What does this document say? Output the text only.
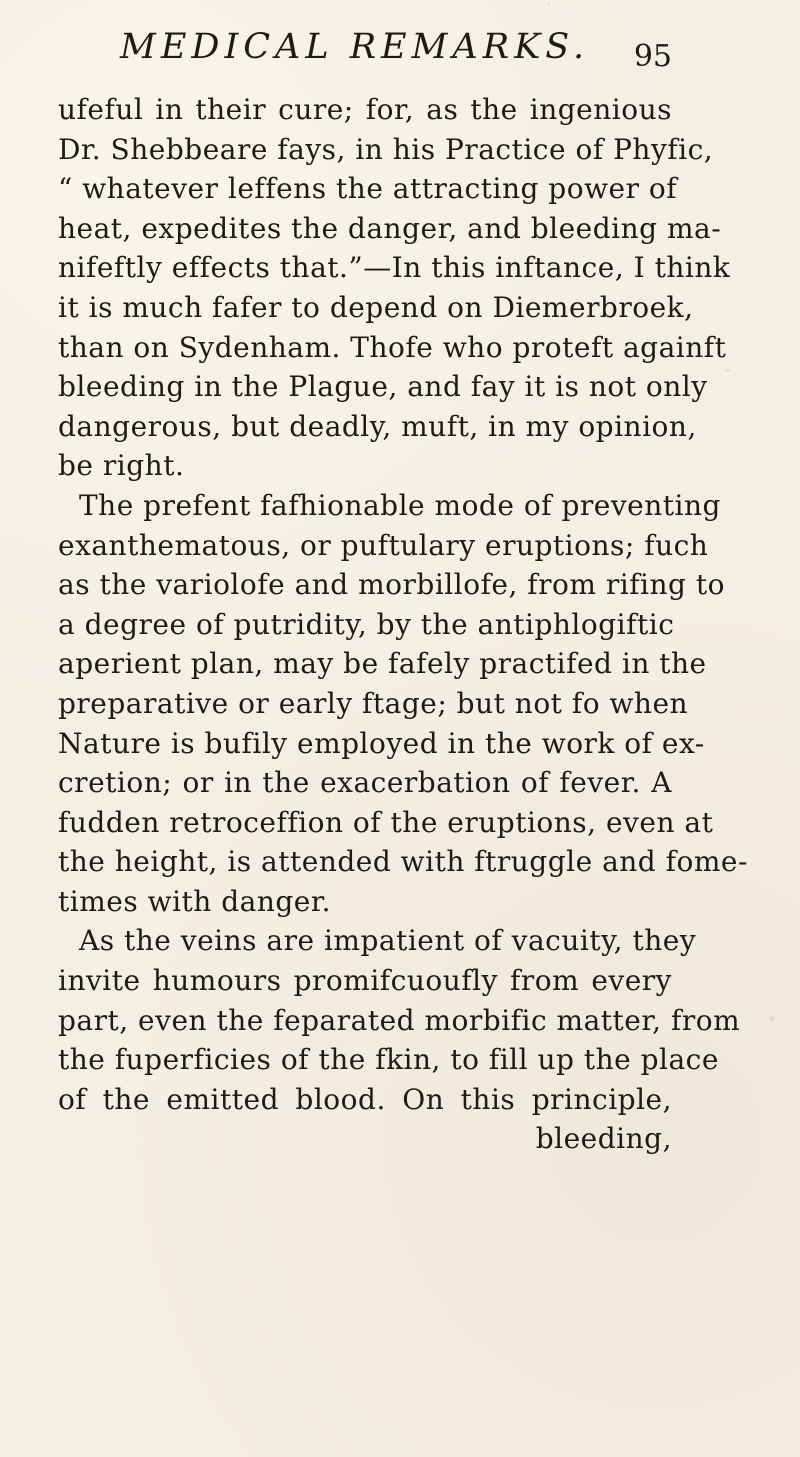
MEDICAL REMARKS. 95
ufeful in their cure; for, as the ingenious
Dr. Shebbeare fays, in his Practice of Phyfic,
“ whatever leffens the attracting power of
heat, expedites the danger, and bleeding ma-
nifeftly effects that.”—In this inftance, I think
it is much fafer to depend on Diemerbroek,
than on Sydenham. Thofe who proteft againft
bleeding in the Plague, and fay it is not only
dangerous, but deadly, muft, in my opinion,
be right.
The prefent fafhionable mode of preventing
exanthematous, or puftulary eruptions; fuch
as the variolofe and morbillofe, from rifing to
a degree of putridity, by the antiphlogiftic
aperient plan, may be fafely practifed in the
preparative or early ftage; but not fo when
Nature is bufily employed in the work of ex-
cretion; or in the exacerbation of fever. A
fudden retroceffion of the eruptions, even at
the height, is attended with ftruggle and fome-
times with danger.
As the veins are impatient of vacuity, they
invite humours promifcuoufly from every
part, even the feparated morbific matter, from
the fuperficies of the fkin, to fill up the place
of the emitted blood. On this principle,
bleeding,
